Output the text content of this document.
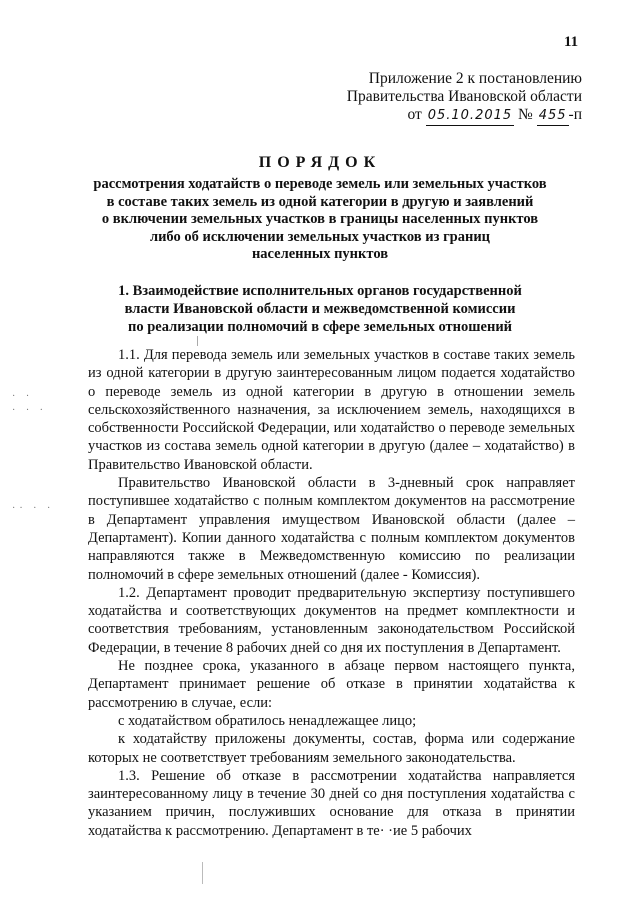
11
Приложение 2 к постановлению
Правительства Ивановской области
от 05.10.2015 № 455 -п
ПОРЯДОК
рассмотрения ходатайств о переводе земель или земельных участков
в составе таких земель из одной категории в другую и заявлений
о включении земельных участков в границы населенных пунктов
либо об исключении земельных участков из границ
населенных пунктов
1. Взаимодействие исполнительных органов государственной
власти Ивановской области и межведомственной комиссии
по реализации полномочий в сфере земельных отношений
· ·
· · ·

·· · ·

1.1. Для перевода земель или земельных участков в составе таких земель из одной категории в другую заинтересованным лицом подается ходатайство о переводе земель из одной категории в другую в отношении земель сельскохозяйственного назначения, за исключением земель, находящихся в собственности Российской Федерации, или ходатайство о переводе земельных участков из состава земель одной категории в другую (далее – ходатайство) в Правительство Ивановской области.

Правительство Ивановской области в 3-дневный срок направляет поступившее ходатайство с полным комплектом документов на рассмотрение в Департамент управления имуществом Ивановской области (далее – Департамент). Копии данного ходатайства с полным комплектом документов направляются также в Межведомственную комиссию по реализации полномочий в сфере земельных отношений (далее - Комиссия).

1.2. Департамент проводит предварительную экспертизу поступившего ходатайства и соответствующих документов на предмет комплектности и соответствия требованиям, установленным законодательством Российской Федерации, в течение 8 рабочих дней со дня их поступления в Департамент.

Не позднее срока, указанного в абзаце первом настоящего пункта, Департамент принимает решение об отказе в принятии ходатайства к рассмотрению в случае, если:

с ходатайством обратилось ненадлежащее лицо;

к ходатайству приложены документы, состав, форма или содержание которых не соответствует требованиям земельного законодательства.

1.3. Решение об отказе в рассмотрении ходатайства направляется заинтересованному лицу в течение 30 дней со дня поступления ходатайства с указанием причин, послуживших основание для отказа в принятии ходатайства к рассмотрению. Департамент в те· ·ие 5 рабочих
